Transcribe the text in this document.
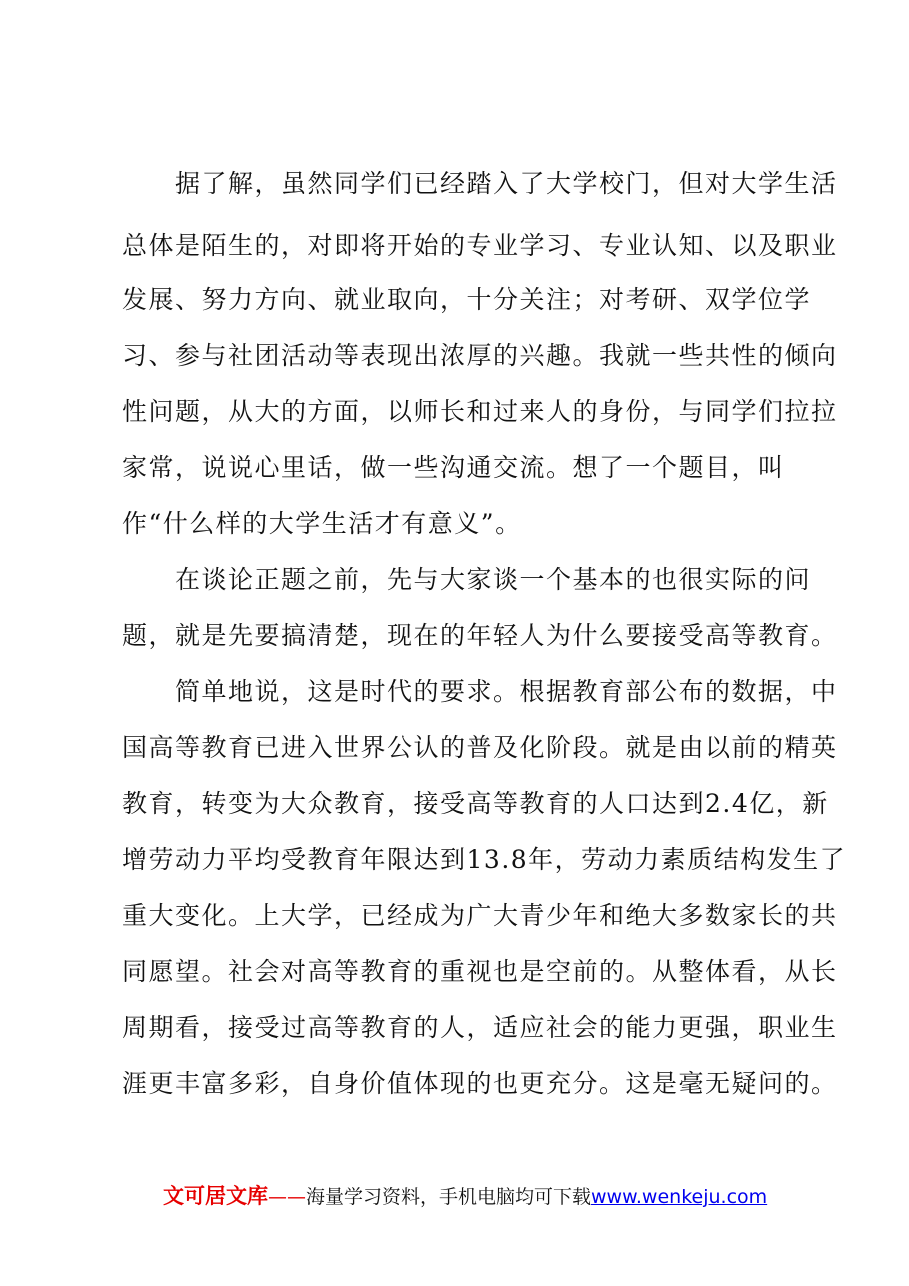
　　据了解，虽然同学们已经踏入了大学校门，但对大学生活
总体是陌生的，对即将开始的专业学习、专业认知、以及职业
发展、努力方向、就业取向，十分关注；对考研、双学位学
习、参与社团活动等表现出浓厚的兴趣。我就一些共性的倾向
性问题，从大的方面，以师长和过来人的身份，与同学们拉拉
家常，说说心里话，做一些沟通交流。想了一个题目，叫
作“什么样的大学生活才有意义”。
　　在谈论正题之前，先与大家谈一个基本的也很实际的问
题，就是先要搞清楚，现在的年轻人为什么要接受高等教育。
　　简单地说，这是时代的要求。根据教育部公布的数据，中
国高等教育已进入世界公认的普及化阶段。就是由以前的精英
教育，转变为大众教育，接受高等教育的人口达到2.4亿，新
增劳动力平均受教育年限达到13.8年，劳动力素质结构发生了
重大变化。上大学，已经成为广大青少年和绝大多数家长的共
同愿望。社会对高等教育的重视也是空前的。从整体看，从长
周期看，接受过高等教育的人，适应社会的能力更强，职业生
涯更丰富多彩，自身价值体现的也更充分。这是毫无疑问的。
文可居文库——海量学习资料，手机电脑均可下载www.wenkeju.com
